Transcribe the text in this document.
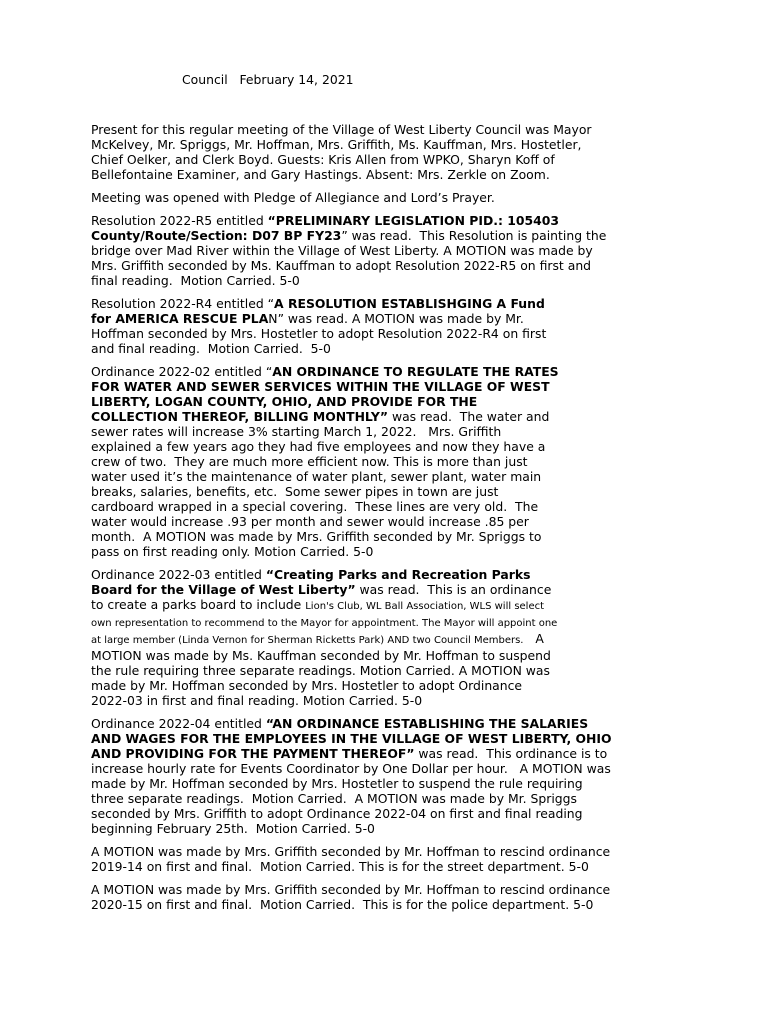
Council   February 14, 2021
Present for this regular meeting of the Village of West Liberty Council was Mayor
McKelvey, Mr. Spriggs, Mr. Hoffman, Mrs. Griffith, Ms. Kauffman, Mrs. Hostetler,
Chief Oelker, and Clerk Boyd. Guests: Kris Allen from WPKO, Sharyn Koff of
Bellefontaine Examiner, and Gary Hastings. Absent: Mrs. Zerkle on Zoom.
Meeting was opened with Pledge of Allegiance and Lord’s Prayer.
Resolution 2022-R5 entitled “PRELIMINARY LEGISLATION PID.: 105403
County/Route/Section: D07 BP FY23” was read.  This Resolution is painting the
bridge over Mad River within the Village of West Liberty. A MOTION was made by
Mrs. Griffith seconded by Ms. Kauffman to adopt Resolution 2022-R5 on first and
final reading.  Motion Carried. 5-0
Resolution 2022-R4 entitled “A RESOLUTION ESTABLISHGING A Fund
for AMERICA RESCUE PLAN” was read. A MOTION was made by Mr.
Hoffman seconded by Mrs. Hostetler to adopt Resolution 2022-R4 on first
and final reading.  Motion Carried.  5-0
Ordinance 2022-02 entitled “AN ORDINANCE TO REGULATE THE RATES
FOR WATER AND SEWER SERVICES WITHIN THE VILLAGE OF WEST
LIBERTY, LOGAN COUNTY, OHIO, AND PROVIDE FOR THE
COLLECTION THEREOF, BILLING MONTHLY” was read.  The water and
sewer rates will increase 3% starting March 1, 2022.   Mrs. Griffith
explained a few years ago they had five employees and now they have a
crew of two.  They are much more efficient now. This is more than just
water used it’s the maintenance of water plant, sewer plant, water main
breaks, salaries, benefits, etc.  Some sewer pipes in town are just
cardboard wrapped in a special covering.  These lines are very old.  The
water would increase .93 per month and sewer would increase .85 per
month.  A MOTION was made by Mrs. Griffith seconded by Mr. Spriggs to
pass on first reading only. Motion Carried. 5-0
Ordinance 2022-03 entitled “Creating Parks and Recreation Parks
Board for the Village of West Liberty” was read.  This is an ordinance
to create a parks board to include Lion's Club, WL Ball Association, WLS will select
own representation to recommend to the Mayor for appointment. The Mayor will appoint one
at large member (Linda Vernon for Sherman Ricketts Park) AND two Council Members.   A
MOTION was made by Ms. Kauffman seconded by Mr. Hoffman to suspend
the rule requiring three separate readings. Motion Carried. A MOTION was
made by Mr. Hoffman seconded by Mrs. Hostetler to adopt Ordinance
2022-03 in first and final reading. Motion Carried. 5-0
Ordinance 2022-04 entitled “AN ORDINANCE ESTABLISHING THE SALARIES
AND WAGES FOR THE EMPLOYEES IN THE VILLAGE OF WEST LIBERTY, OHIO
AND PROVIDING FOR THE PAYMENT THEREOF” was read.  This ordinance is to
increase hourly rate for Events Coordinator by One Dollar per hour.   A MOTION was
made by Mr. Hoffman seconded by Mrs. Hostetler to suspend the rule requiring
three separate readings.  Motion Carried.  A MOTION was made by Mr. Spriggs
seconded by Mrs. Griffith to adopt Ordinance 2022-04 on first and final reading
beginning February 25th.  Motion Carried. 5-0
A MOTION was made by Mrs. Griffith seconded by Mr. Hoffman to rescind ordinance
2019-14 on first and final.  Motion Carried. This is for the street department. 5-0
A MOTION was made by Mrs. Griffith seconded by Mr. Hoffman to rescind ordinance
2020-15 on first and final.  Motion Carried.  This is for the police department. 5-0
